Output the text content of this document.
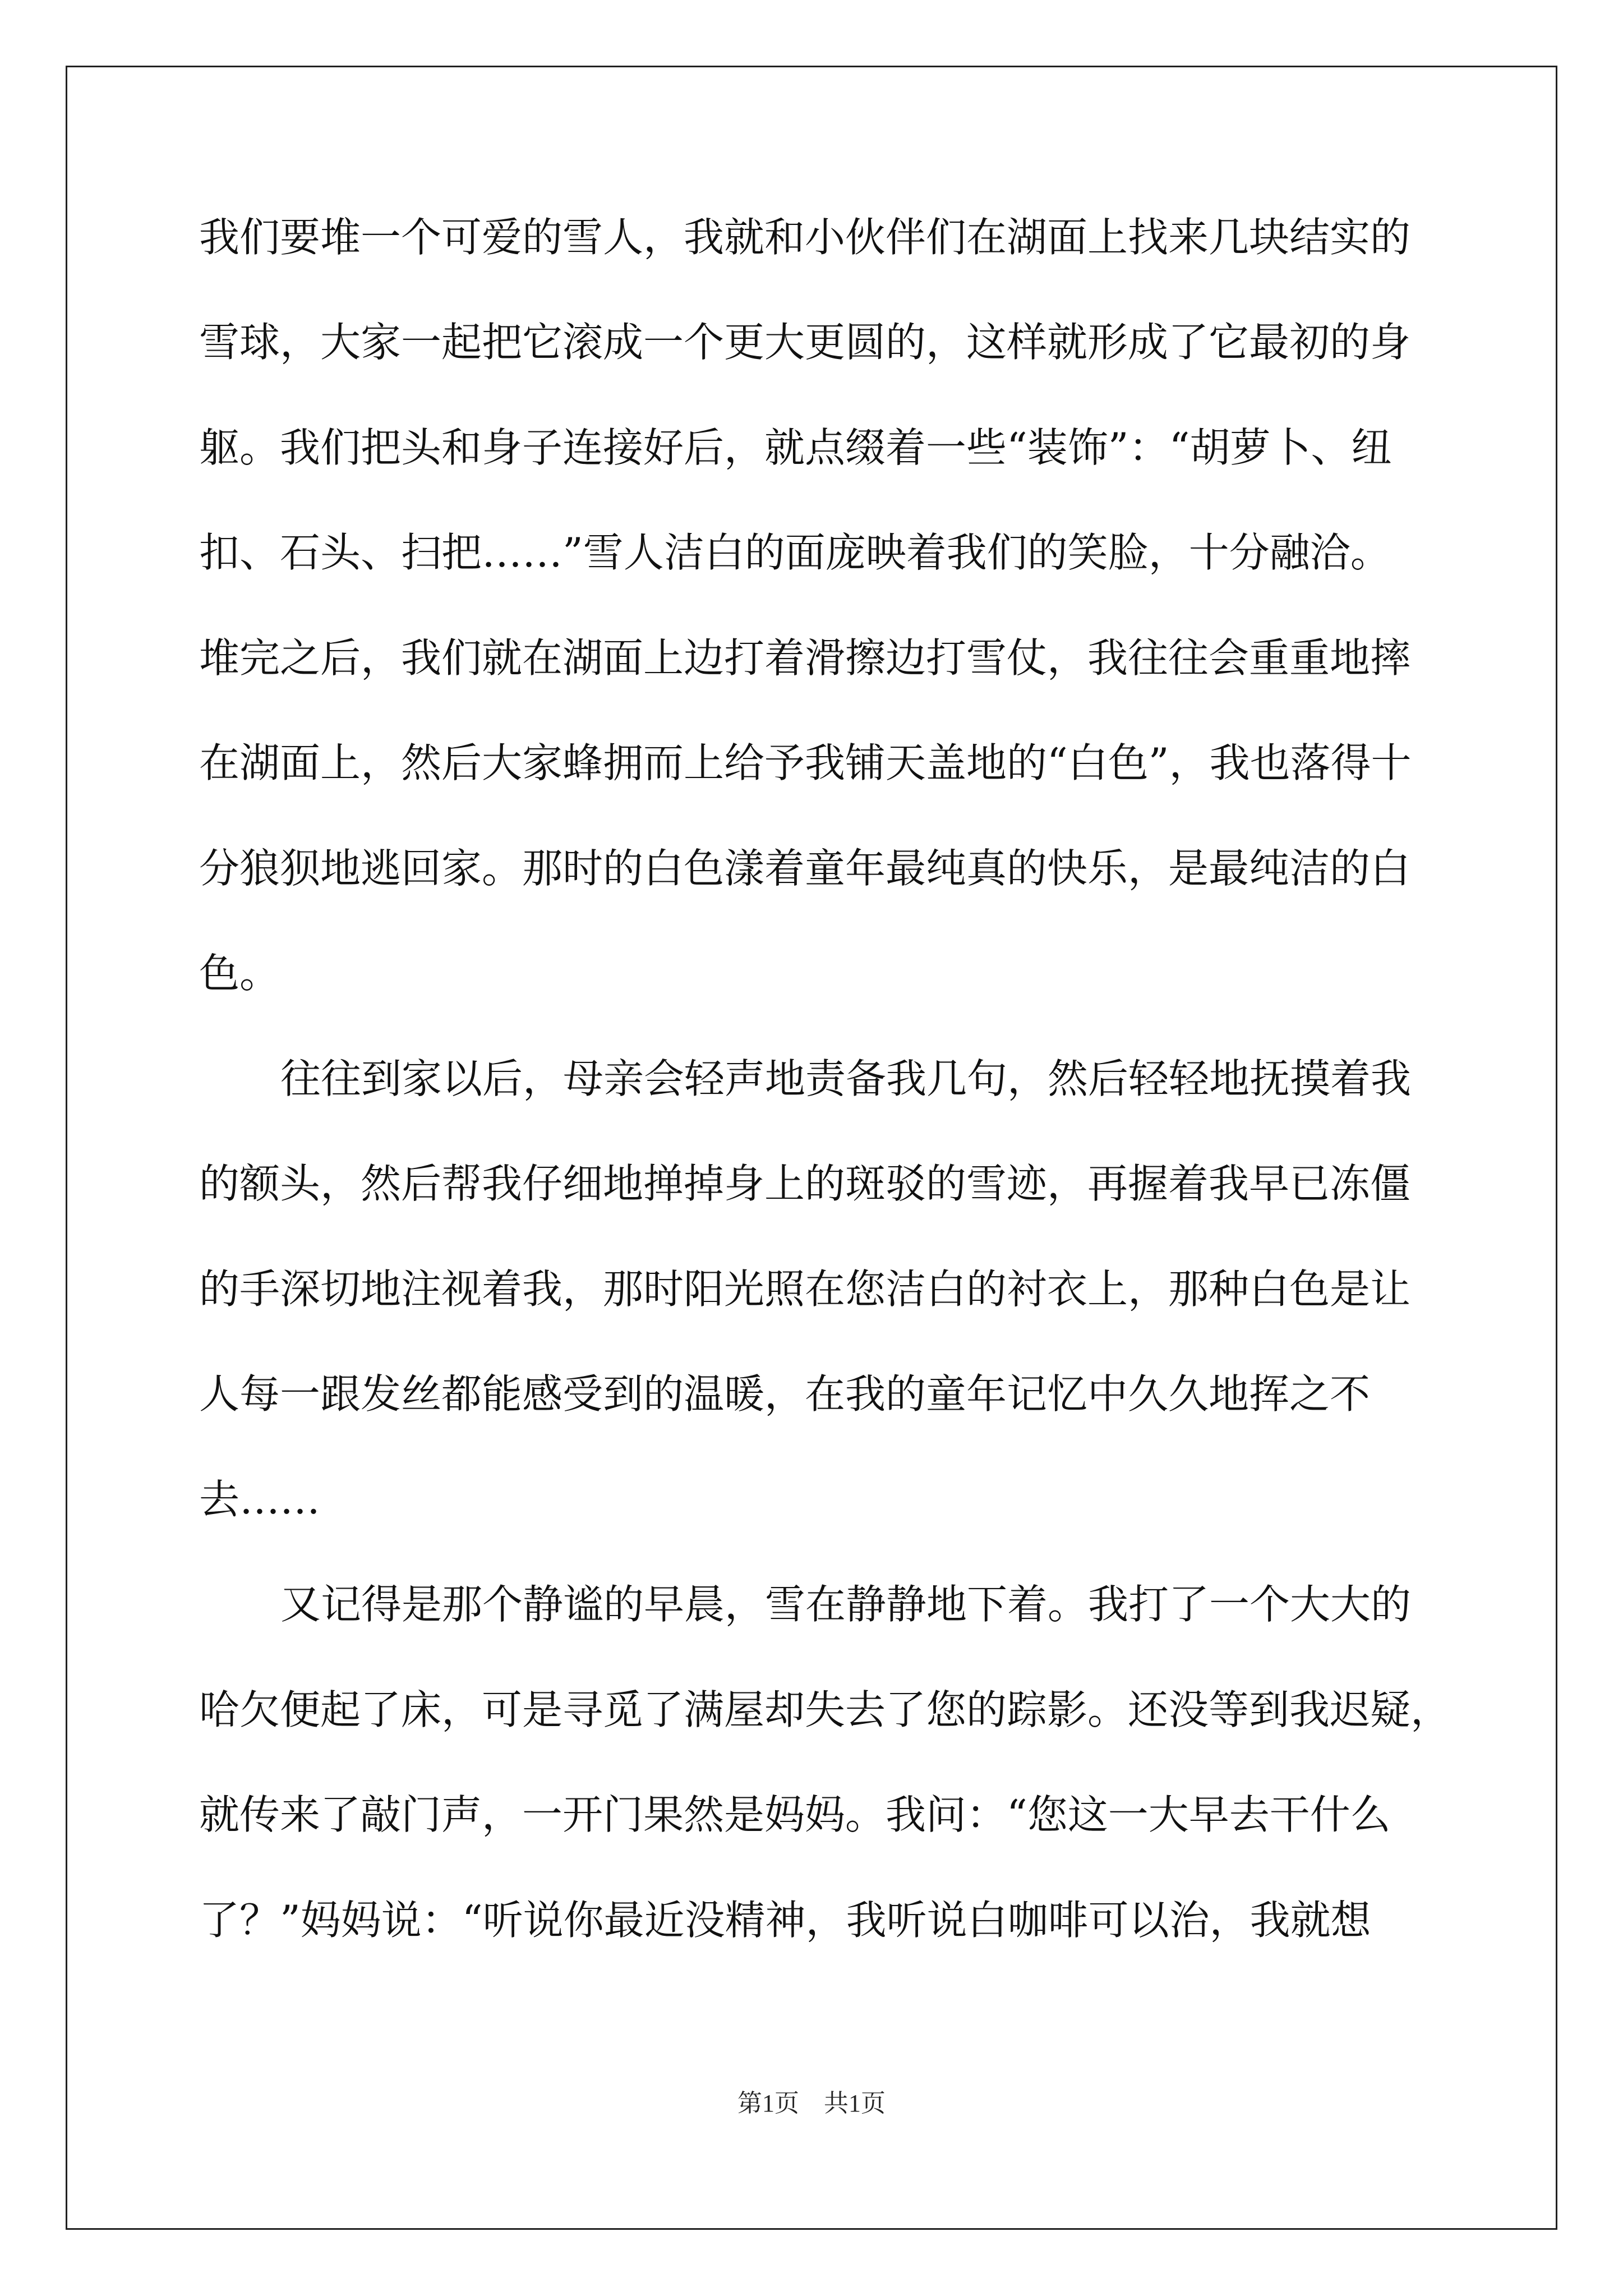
我们要堆一个可爱的雪人，我就和小伙伴们在湖面上找来几块结实的
雪球，大家一起把它滚成一个更大更圆的，这样就形成了它最初的身
躯。我们把头和身子连接好后，就点缀着一些“装饰”：“胡萝卜、纽
扣、石头、扫把……”雪人洁白的面庞映着我们的笑脸，十分融洽。
堆完之后，我们就在湖面上边打着滑擦边打雪仗，我往往会重重地摔
在湖面上，然后大家蜂拥而上给予我铺天盖地的“白色”，我也落得十
分狼狈地逃回家。那时的白色漾着童年最纯真的快乐，是最纯洁的白
色。
往往到家以后，母亲会轻声地责备我几句，然后轻轻地抚摸着我
的额头，然后帮我仔细地掸掉身上的斑驳的雪迹，再握着我早已冻僵
的手深切地注视着我，那时阳光照在您洁白的衬衣上，那种白色是让
人每一跟发丝都能感受到的温暖，在我的童年记忆中久久地挥之不
去……
又记得是那个静谧的早晨，雪在静静地下着。我打了一个大大的
哈欠便起了床，可是寻觅了满屋却失去了您的踪影。还没等到我迟疑，
就传来了敲门声，一开门果然是妈妈。我问：“您这一大早去干什么
了？”妈妈说：“听说你最近没精神，我听说白咖啡可以治，我就想
第1页　共1页
